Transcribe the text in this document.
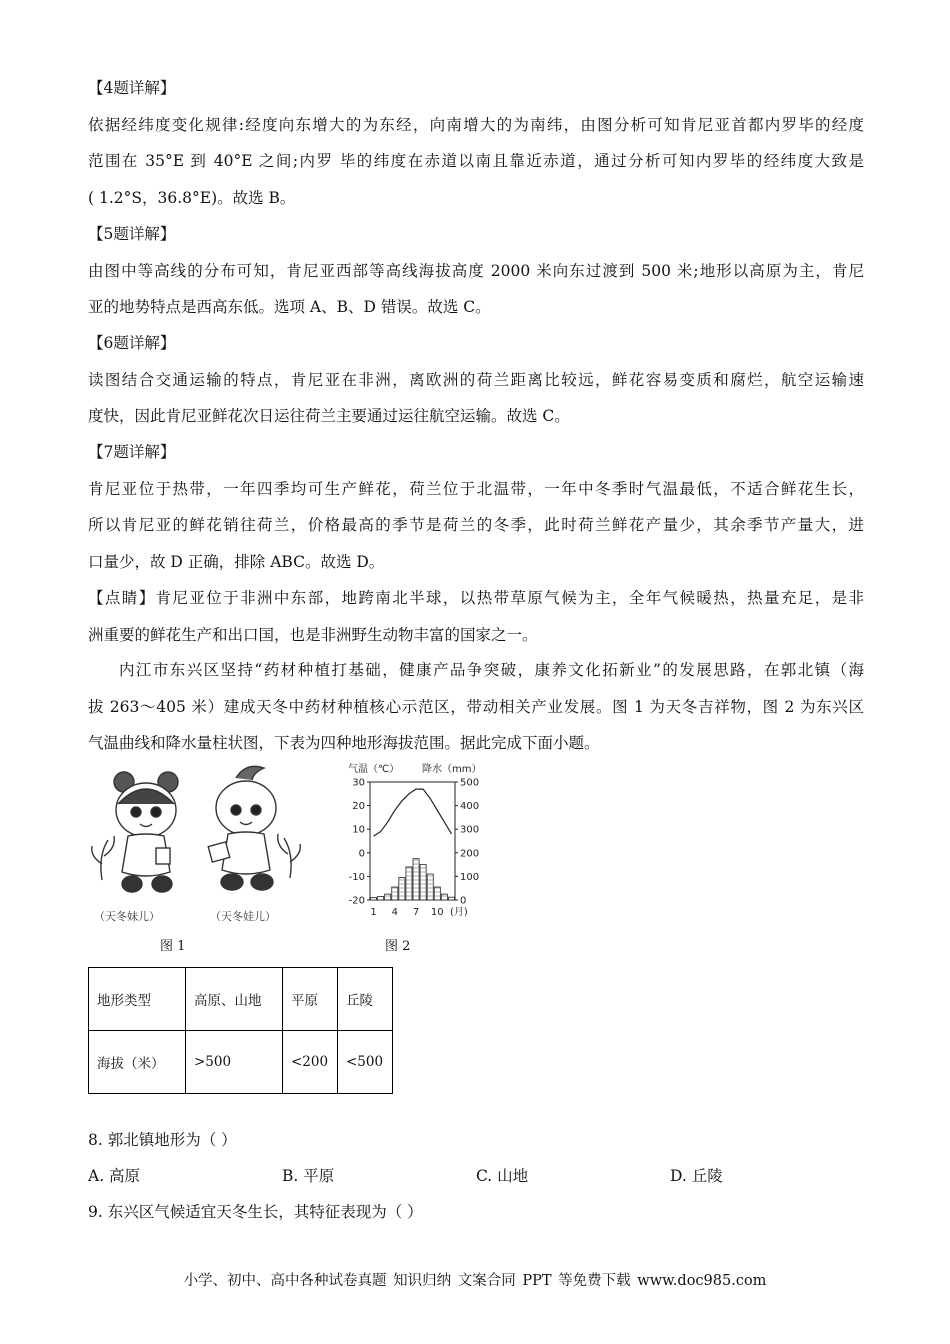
【4题详解】
依据经纬度变化规律:经度向东增大的为东经，向南增大的为南纬，由图分析可知肯尼亚首都内罗毕的经度
范围在 35°E 到 40°E 之间;内罗 毕的纬度在赤道以南且靠近赤道，通过分析可知内罗毕的经纬度大致是
( 1.2°S，36.8°E)。故选 B。
【5题详解】
由图中等高线的分布可知，肯尼亚西部等高线海拔高度 2000 米向东过渡到 500 米;地形以高原为主，肯尼
亚的地势特点是西高东低。选项 A、B、D 错误。故选 C。
【6题详解】
读图结合交通运输的特点，肯尼亚在非洲，离欧洲的荷兰距离比较远，鲜花容易变质和腐烂，航空运输速
度快，因此肯尼亚鲜花次日运往荷兰主要通过运往航空运输。故选 C。
【7题详解】
肯尼亚位于热带，一年四季均可生产鲜花，荷兰位于北温带，一年中冬季时气温最低，不适合鲜花生长，
所以肯尼亚的鲜花销往荷兰，价格最高的季节是荷兰的冬季，此时荷兰鲜花产量少，其余季节产量大，进
口量少，故 D 正确，排除 ABC。故选 D。
【点睛】肯尼亚位于非洲中东部，地跨南北半球，以热带草原气候为主，全年气候暖热，热量充足，是非
洲重要的鲜花生产和出口国，也是非洲野生动物丰富的国家之一。
内江市东兴区坚持“药材种植打基础，健康产品争突破，康养文化拓新业”的发展思路，在郭北镇（海
拔 263～405 米）建成天冬中药材种植核心示范区，带动相关产业发展。图 1 为天冬吉祥物，图 2 为东兴区
气温曲线和降水量柱状图，下表为四种地形海拔范围。据此完成下面小题。
（天冬妹儿）	（天冬娃儿）
图 1
气温（℃） 降水（mm）
30
20
10
0
-10
-20
500
400
300
200
100
0
1 4 7 10 (月)
图 2
地形类型	高原、山地	平原	丘陵
海拔（米）	>500	<200	<500
8. 郭北镇地形为（ ）
A. 高原	B. 平原	C. 山地	D. 丘陵
9. 东兴区气候适宜天冬生长，其特征表现为（ ）
小学、初中、高中各种试卷真题 知识归纳 文案合同 PPT 等免费下载 www.doc985.com
